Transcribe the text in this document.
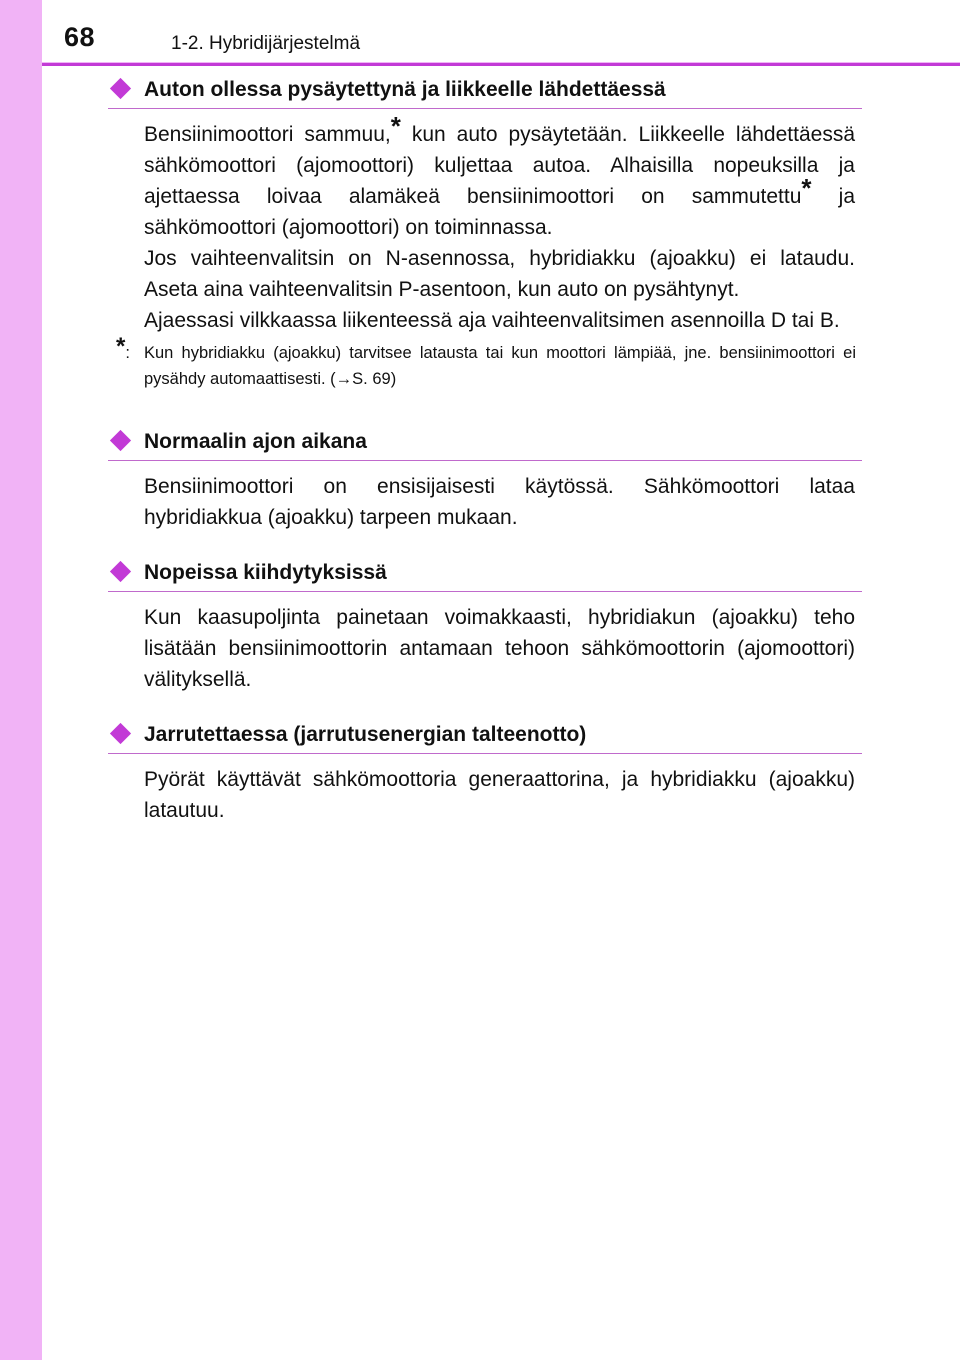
68	1-2. Hybridijärjestelmä
Auton ollessa pysäytettynä ja liikkeelle lähdettäessä

Bensiinimoottori sammuu,* kun auto pysäytetään. Liikkeelle lähdettäessä sähkömoottori (ajomoottori) kuljettaa autoa. Alhaisilla nopeuksilla ja ajettaessa loivaa alamäkeä bensiinimoottori on sammutettu* ja sähkömoottori (ajomoottori) on toiminnassa.

Jos vaihteenvalitsin on N-asennossa, hybridiakku (ajoakku) ei lataudu. Aseta aina vaihteenvalitsin P-asentoon, kun auto on pysähtynyt.

Ajaessasi vilkkaassa liikenteessä aja vaihteenvalitsimen asennoilla D tai B.

*: Kun hybridiakku (ajoakku) tarvitsee latausta tai kun moottori lämpiää, jne. bensiinimoottori ei pysähdy automaattisesti. (→S. 69)
Normaalin ajon aikana

Bensiinimoottori on ensisijaisesti käytössä. Sähkömoottori lataa hybridiakkua (ajoakku) tarpeen mukaan.

Nopeissa kiihdytyksissä

Kun kaasupoljinta painetaan voimakkaasti, hybridiakun (ajoakku) teho lisätään bensiinimoottorin antamaan tehoon sähkömoottorin (ajomoottori) välityksellä.

Jarrutettaessa (jarrutusenergian talteenotto)

Pyörät käyttävät sähkömoottoria generaattorina, ja hybridiakku (ajoakku) latautuu.
